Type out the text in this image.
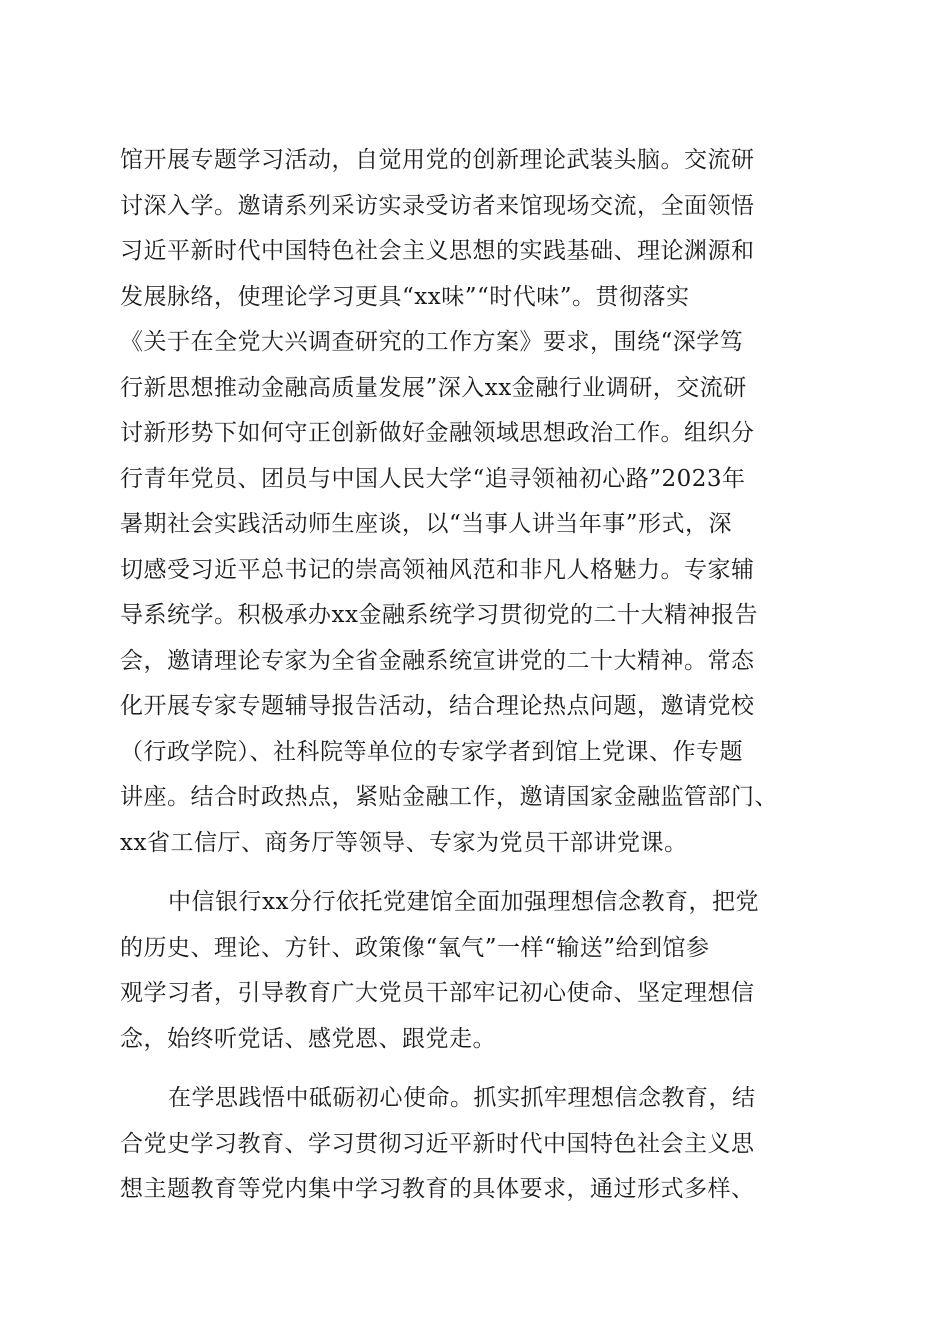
馆开展专题学习活动，自觉用党的创新理论武装头脑。交流研
讨深入学。邀请系列采访实录受访者来馆现场交流，全面领悟
习近平新时代中国特色社会主义思想的实践基础、理论渊源和
发展脉络，使理论学习更具“xx味”“时代味”。贯彻落实
《关于在全党大兴调查研究的工作方案》要求，围绕“深学笃
行新思想推动金融高质量发展”深入xx金融行业调研，交流研
讨新形势下如何守正创新做好金融领域思想政治工作。组织分
行青年党员、团员与中国人民大学“追寻领袖初心路”2023年
暑期社会实践活动师生座谈，以“当事人讲当年事”形式，深
切感受习近平总书记的崇高领袖风范和非凡人格魅力。专家辅
导系统学。积极承办xx金融系统学习贯彻党的二十大精神报告
会，邀请理论专家为全省金融系统宣讲党的二十大精神。常态
化开展专家专题辅导报告活动，结合理论热点问题，邀请党校
（行政学院）、社科院等单位的专家学者到馆上党课、作专题
讲座。结合时政热点，紧贴金融工作，邀请国家金融监管部门、
xx省工信厅、商务厅等领导、专家为党员干部讲党课。
中信银行xx分行依托党建馆全面加强理想信念教育，把党
的历史、理论、方针、政策像“氧气”一样“输送”给到馆参
观学习者，引导教育广大党员干部牢记初心使命、坚定理想信
念，始终听党话、感党恩、跟党走。
在学思践悟中砥砺初心使命。抓实抓牢理想信念教育，结
合党史学习教育、学习贯彻习近平新时代中国特色社会主义思
想主题教育等党内集中学习教育的具体要求，通过形式多样、
